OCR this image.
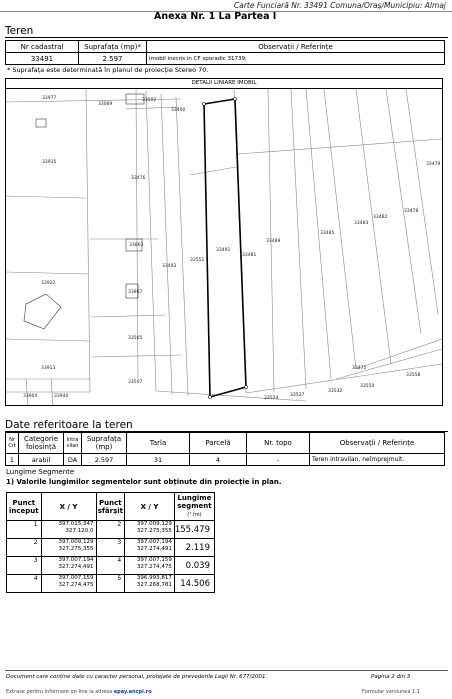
Carte Funciară Nr. 33491 Comuna/Oraș/Municipiu: Almaj
Anexa Nr. 1 La Partea I
Teren
Nr cadastral	Suprafața (mp)*	Observații / Referințe
33491	2.597	imobil inscris in CF sporadic 31739;
* Suprafața este determinată în planul de proiecție Stereo 70.
DETALII LINIARE IMOBIL
33977
33069
33502
33400
33915
33476
33479
33478
33482
33483
33485
33489
33481
33863
33491
33493
33551
33922
33867
33505
33913
33507
33475
33550
33558
33904	33940	33524
33527
33532
Date referitoare la teren
Nr Crt	Categorie folosință	Intra vilan	Suprafața (mp)	Tarla	Parcelă	Nr. topo	Observații / Referințe
1	arabil	DA	2.597	31	4	-	Teren intravilan, neîmprejmuit.
Lungime Segmente
1) Valorile lungimilor segmentelor sunt obținute din proiecție în plan.
Punct început	X / Y	Punct sfârșit	X / Y	Lungime segment
(¹ (m)
1	397.015,347
327.120,0	2	397.009,129
327.275,355	155.479
2	397.009,129
327.275,355	3	397.007,194
327.274,491	2.119
3	397.007,194
327.274,491	4	397.007,159
327.274,475	0.039
4	397.007,159
327.274,475	5	396.993,817
327.268,781	14.506
Document care conține date cu caracter personal, protejate de prevederile Legii Nr. 677/2001.	Pagina 2 din 3
Extrase pentru informare on-line la adresa epay.ancpi.ro	Formular versiunea 1.1
